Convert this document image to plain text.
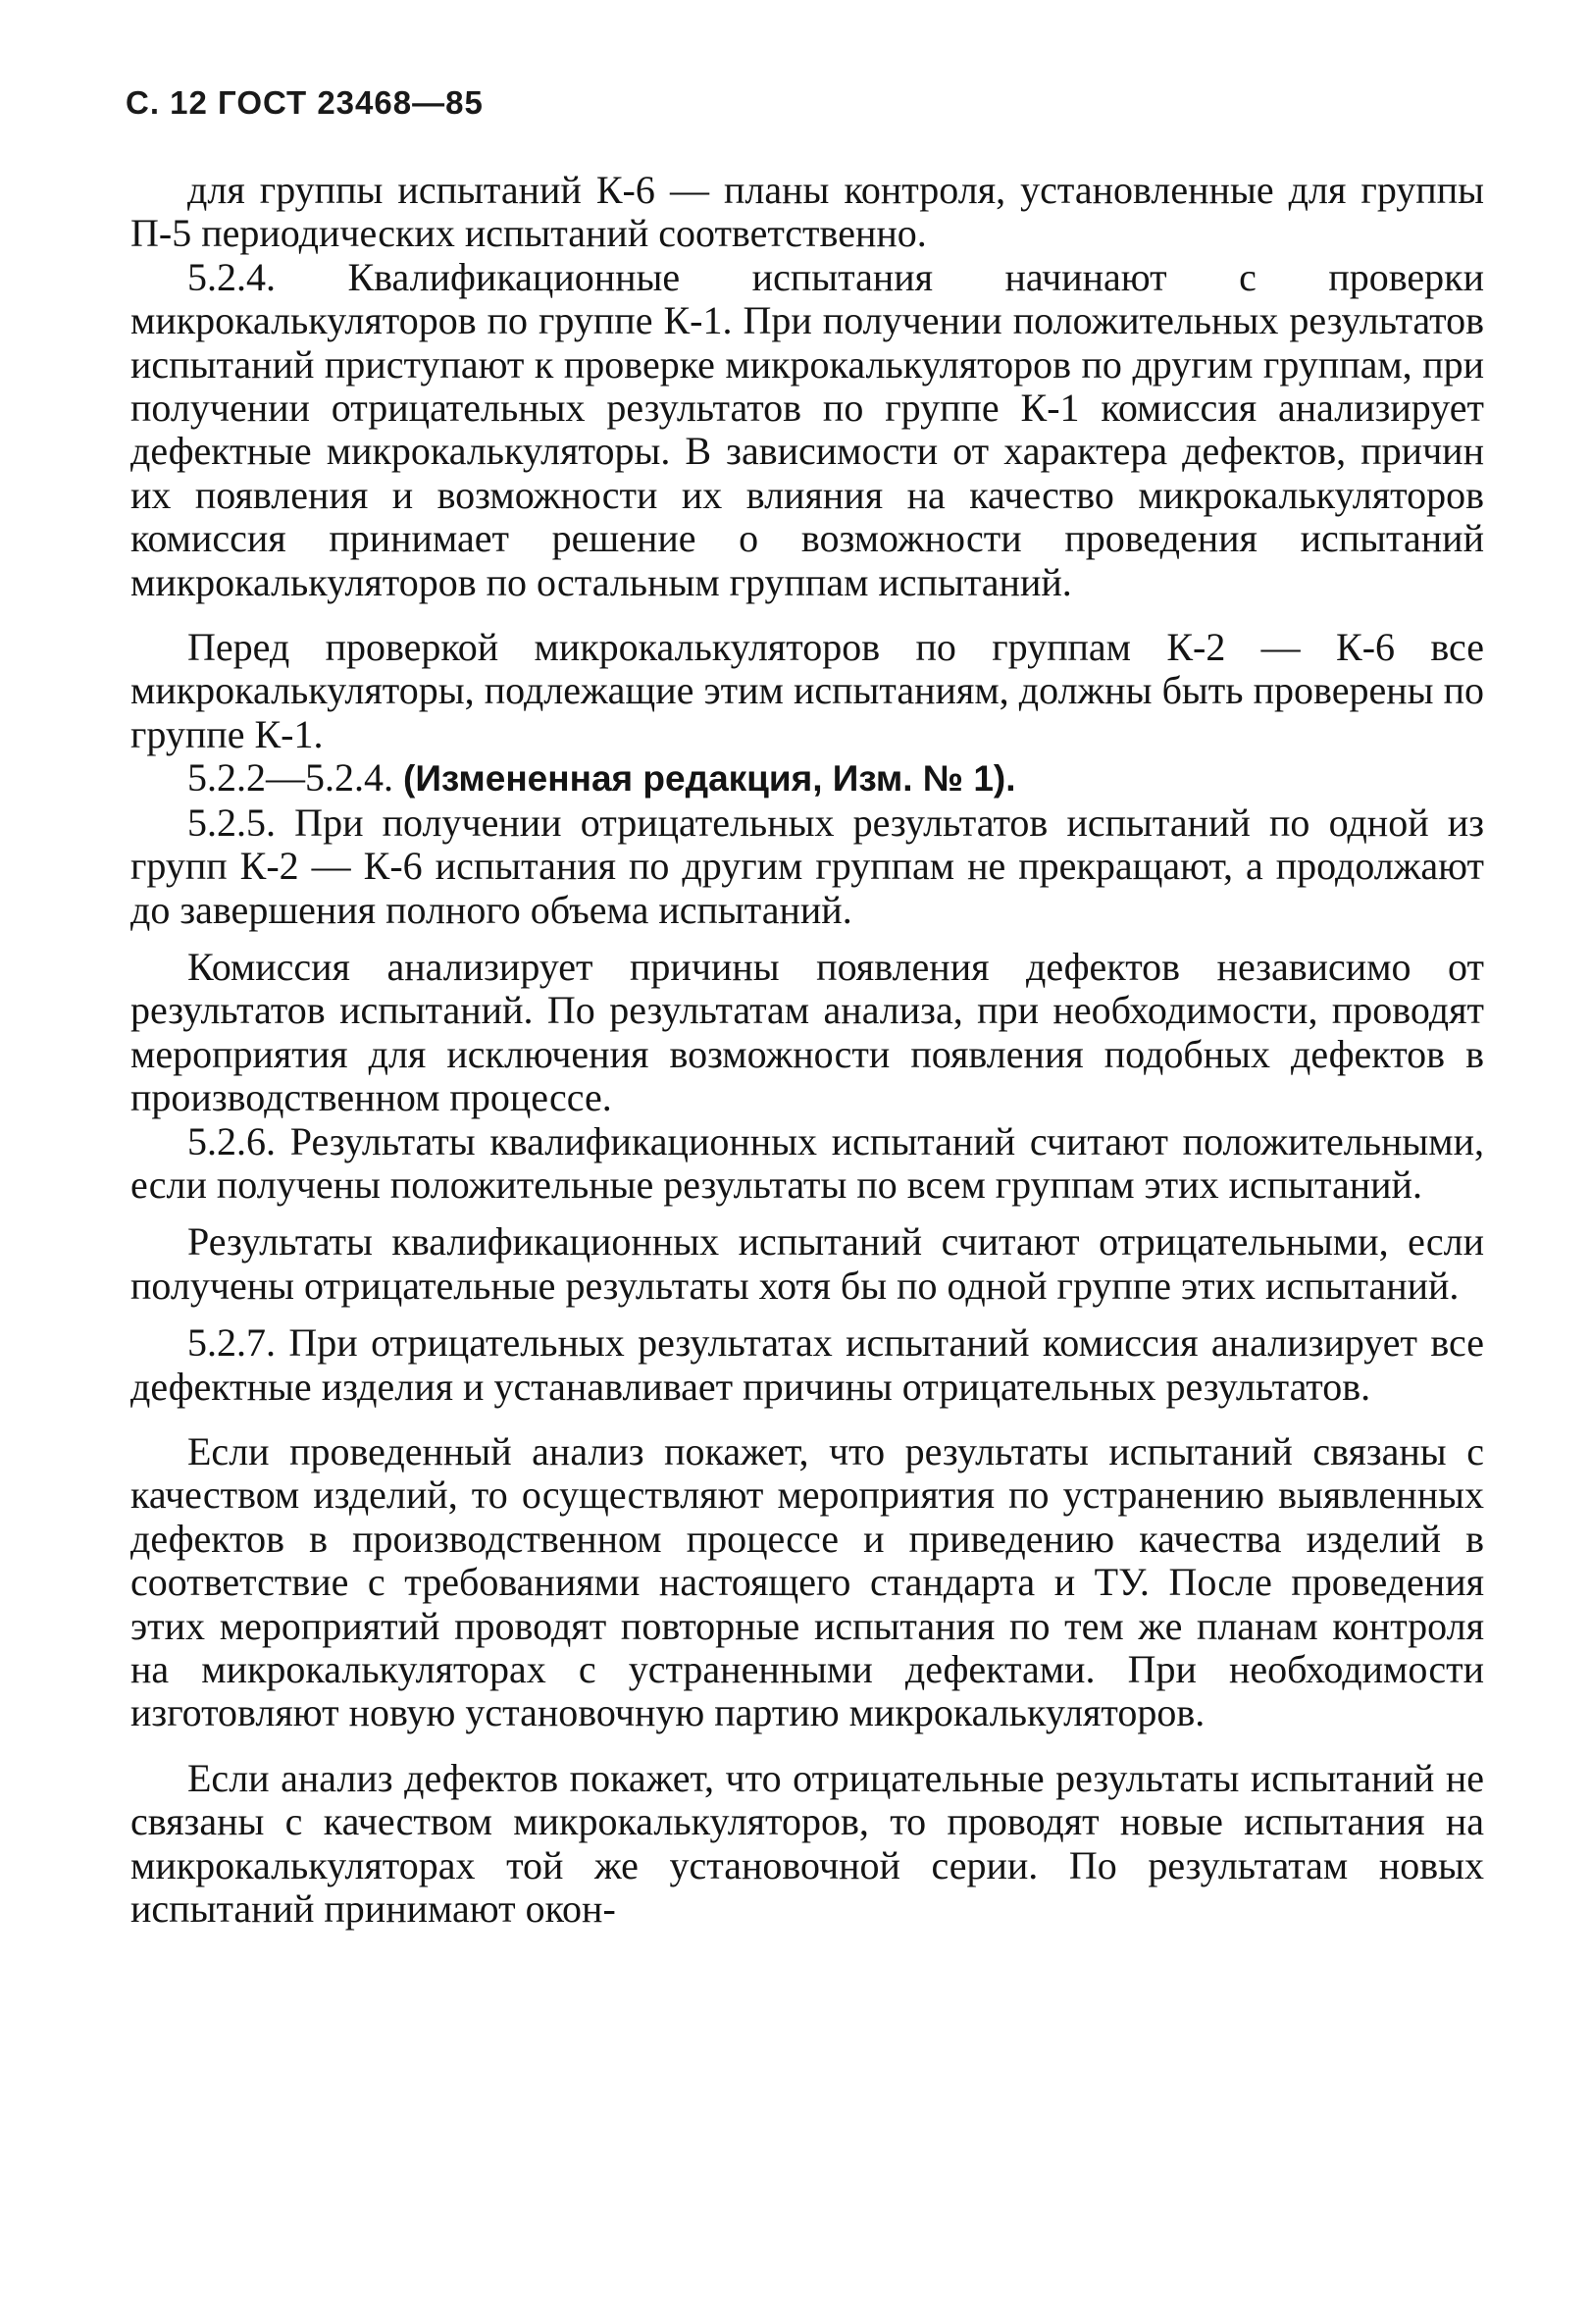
С. 12 ГОСТ 23468—85

для группы испытаний К-6 — планы контроля, установленные для группы П-5 периодических испытаний соответственно.

5.2.4. Квалификационные испытания начинают с проверки микрокалькуляторов по группе К-1. При получении положительных результатов испытаний приступают к проверке микрокалькуляторов по другим группам, при получении отрицательных результатов по группе К-1 комиссия анализирует дефектные микрокалькуляторы. В зависимости от характера дефектов, причин их появления и возможности их влияния на качество микрокалькуляторов комиссия принимает решение о возможности проведения испытаний микрокалькуляторов по остальным группам испытаний.

Перед проверкой микрокалькуляторов по группам К-2 — К-6 все микрокалькуляторы, подлежащие этим испытаниям, должны быть проверены по группе К-1.

5.2.2—5.2.4. (Измененная редакция, Изм. № 1).

5.2.5. При получении отрицательных результатов испытаний по одной из групп К-2 — К-6 испытания по другим группам не прекращают, а продолжают до завершения полного объема испытаний.

Комиссия анализирует причины появления дефектов независимо от результатов испытаний. По результатам анализа, при необходимости, проводят мероприятия для исключения возможности появления подобных дефектов в производственном процессе.

5.2.6. Результаты квалификационных испытаний считают положительными, если получены положительные результаты по всем группам этих испытаний.

Результаты квалификационных испытаний считают отрицательными, если получены отрицательные результаты хотя бы по одной группе этих испытаний.

5.2.7. При отрицательных результатах испытаний комиссия анализирует все дефектные изделия и устанавливает причины отрицательных результатов.

Если проведенный анализ покажет, что результаты испытаний связаны с качеством изделий, то осуществляют мероприятия по устранению выявленных дефектов в производственном процессе и приведению качества изделий в соответствие с требованиями настоящего стандарта и ТУ. После проведения этих мероприятий проводят повторные испытания по тем же планам контроля на микрокалькуляторах с устраненными дефектами. При необходимости изготовляют новую установочную партию микрокалькуляторов.

Если анализ дефектов покажет, что отрицательные результаты испытаний не связаны с качеством микрокалькуляторов, то проводят новые испытания на микрокалькуляторах той же установочной серии. По результатам новых испытаний принимают окон-
